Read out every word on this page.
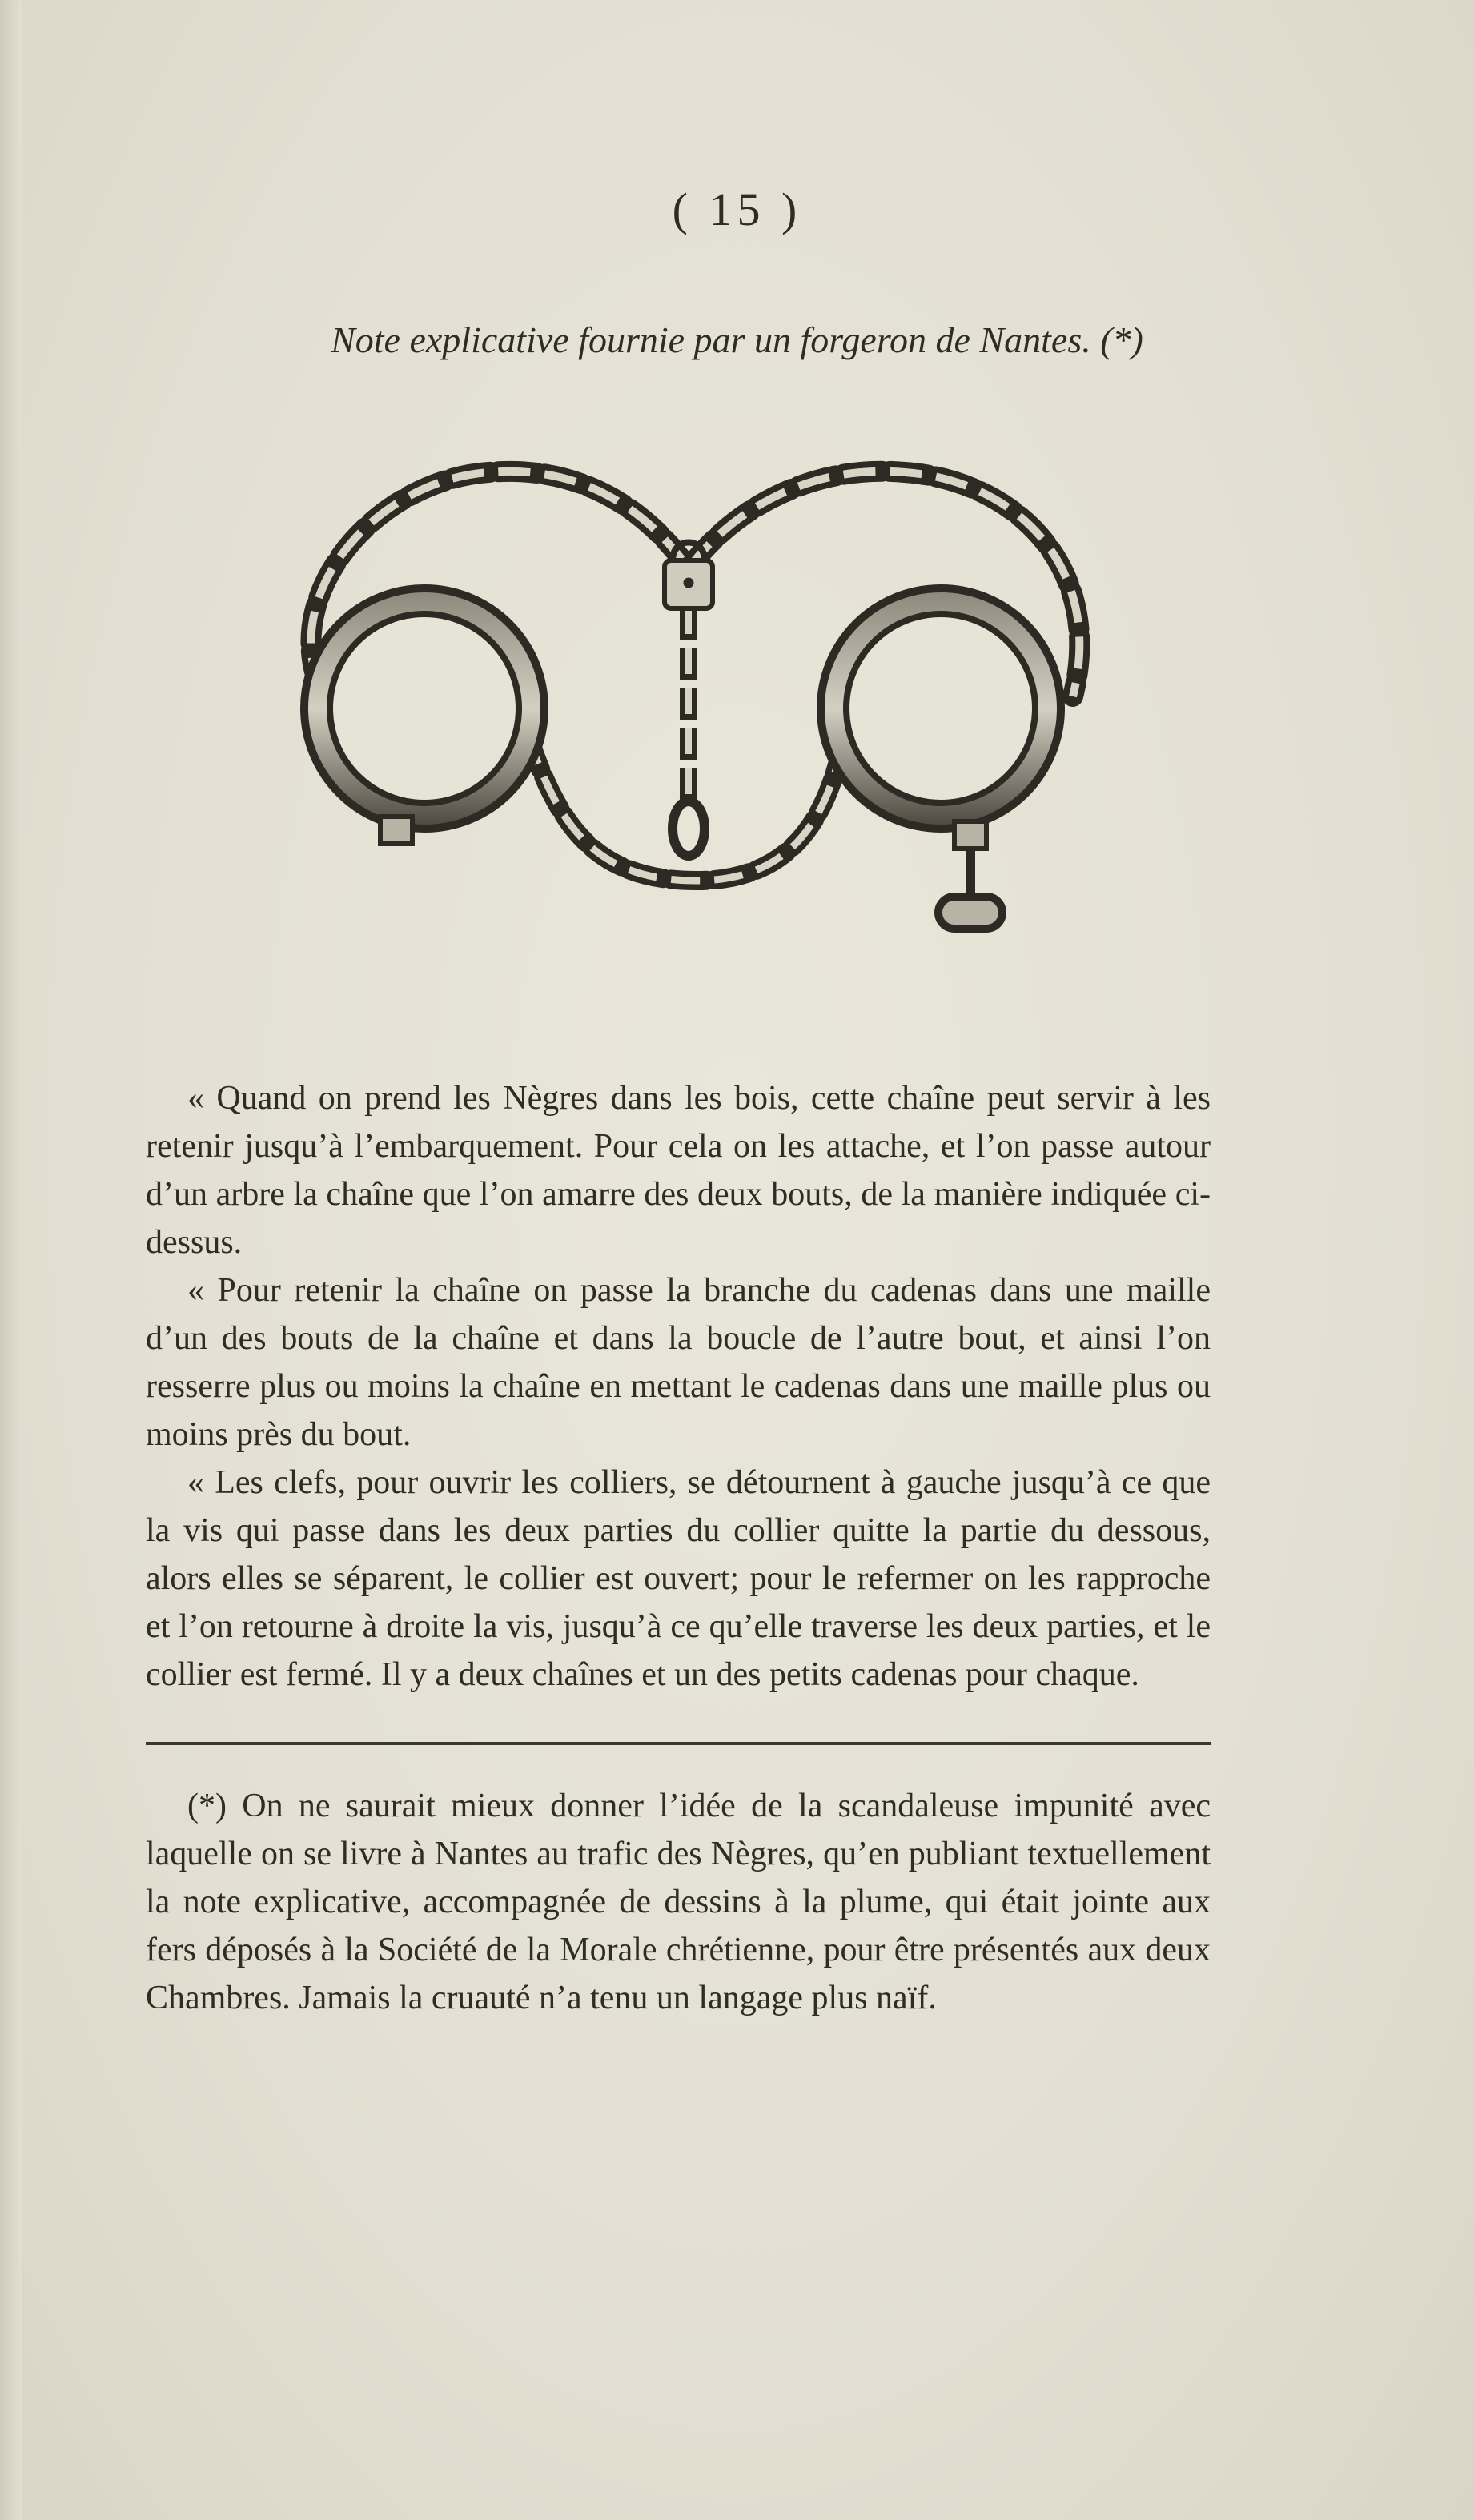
( 15 )
Note explicative fournie par un forgeron de Nantes. (*)

« Quand on prend les Nègres dans les bois, cette chaîne peut servir à les retenir jusqu’à l’embarquement. Pour cela on les attache, et l’on passe autour d’un arbre la chaîne que l’on amarre des deux bouts, de la manière indiquée ci-dessus.

« Pour retenir la chaîne on passe la branche du cadenas dans une maille d’un des bouts de la chaîne et dans la boucle de l’autre bout, et ainsi l’on resserre plus ou moins la chaîne en mettant le cadenas dans une maille plus ou moins près du bout.

« Les clefs, pour ouvrir les colliers, se détournent à gauche jusqu’à ce que la vis qui passe dans les deux parties du collier quitte la partie du dessous, alors elles se séparent, le collier est ouvert; pour le refermer on les rapproche et l’on retourne à droite la vis, jusqu’à ce qu’elle traverse les deux parties, et le collier est fermé. Il y a deux chaînes et un des petits cadenas pour chaque.

(*) On ne saurait mieux donner l’idée de la scandaleuse impunité avec laquelle on se livre à Nantes au trafic des Nègres, qu’en publiant textuellement la note explicative, accompagnée de dessins à la plume, qui était jointe aux fers déposés à la Société de la Morale chrétienne, pour être présentés aux deux Chambres. Jamais la cruauté n’a tenu un langage plus naïf.
